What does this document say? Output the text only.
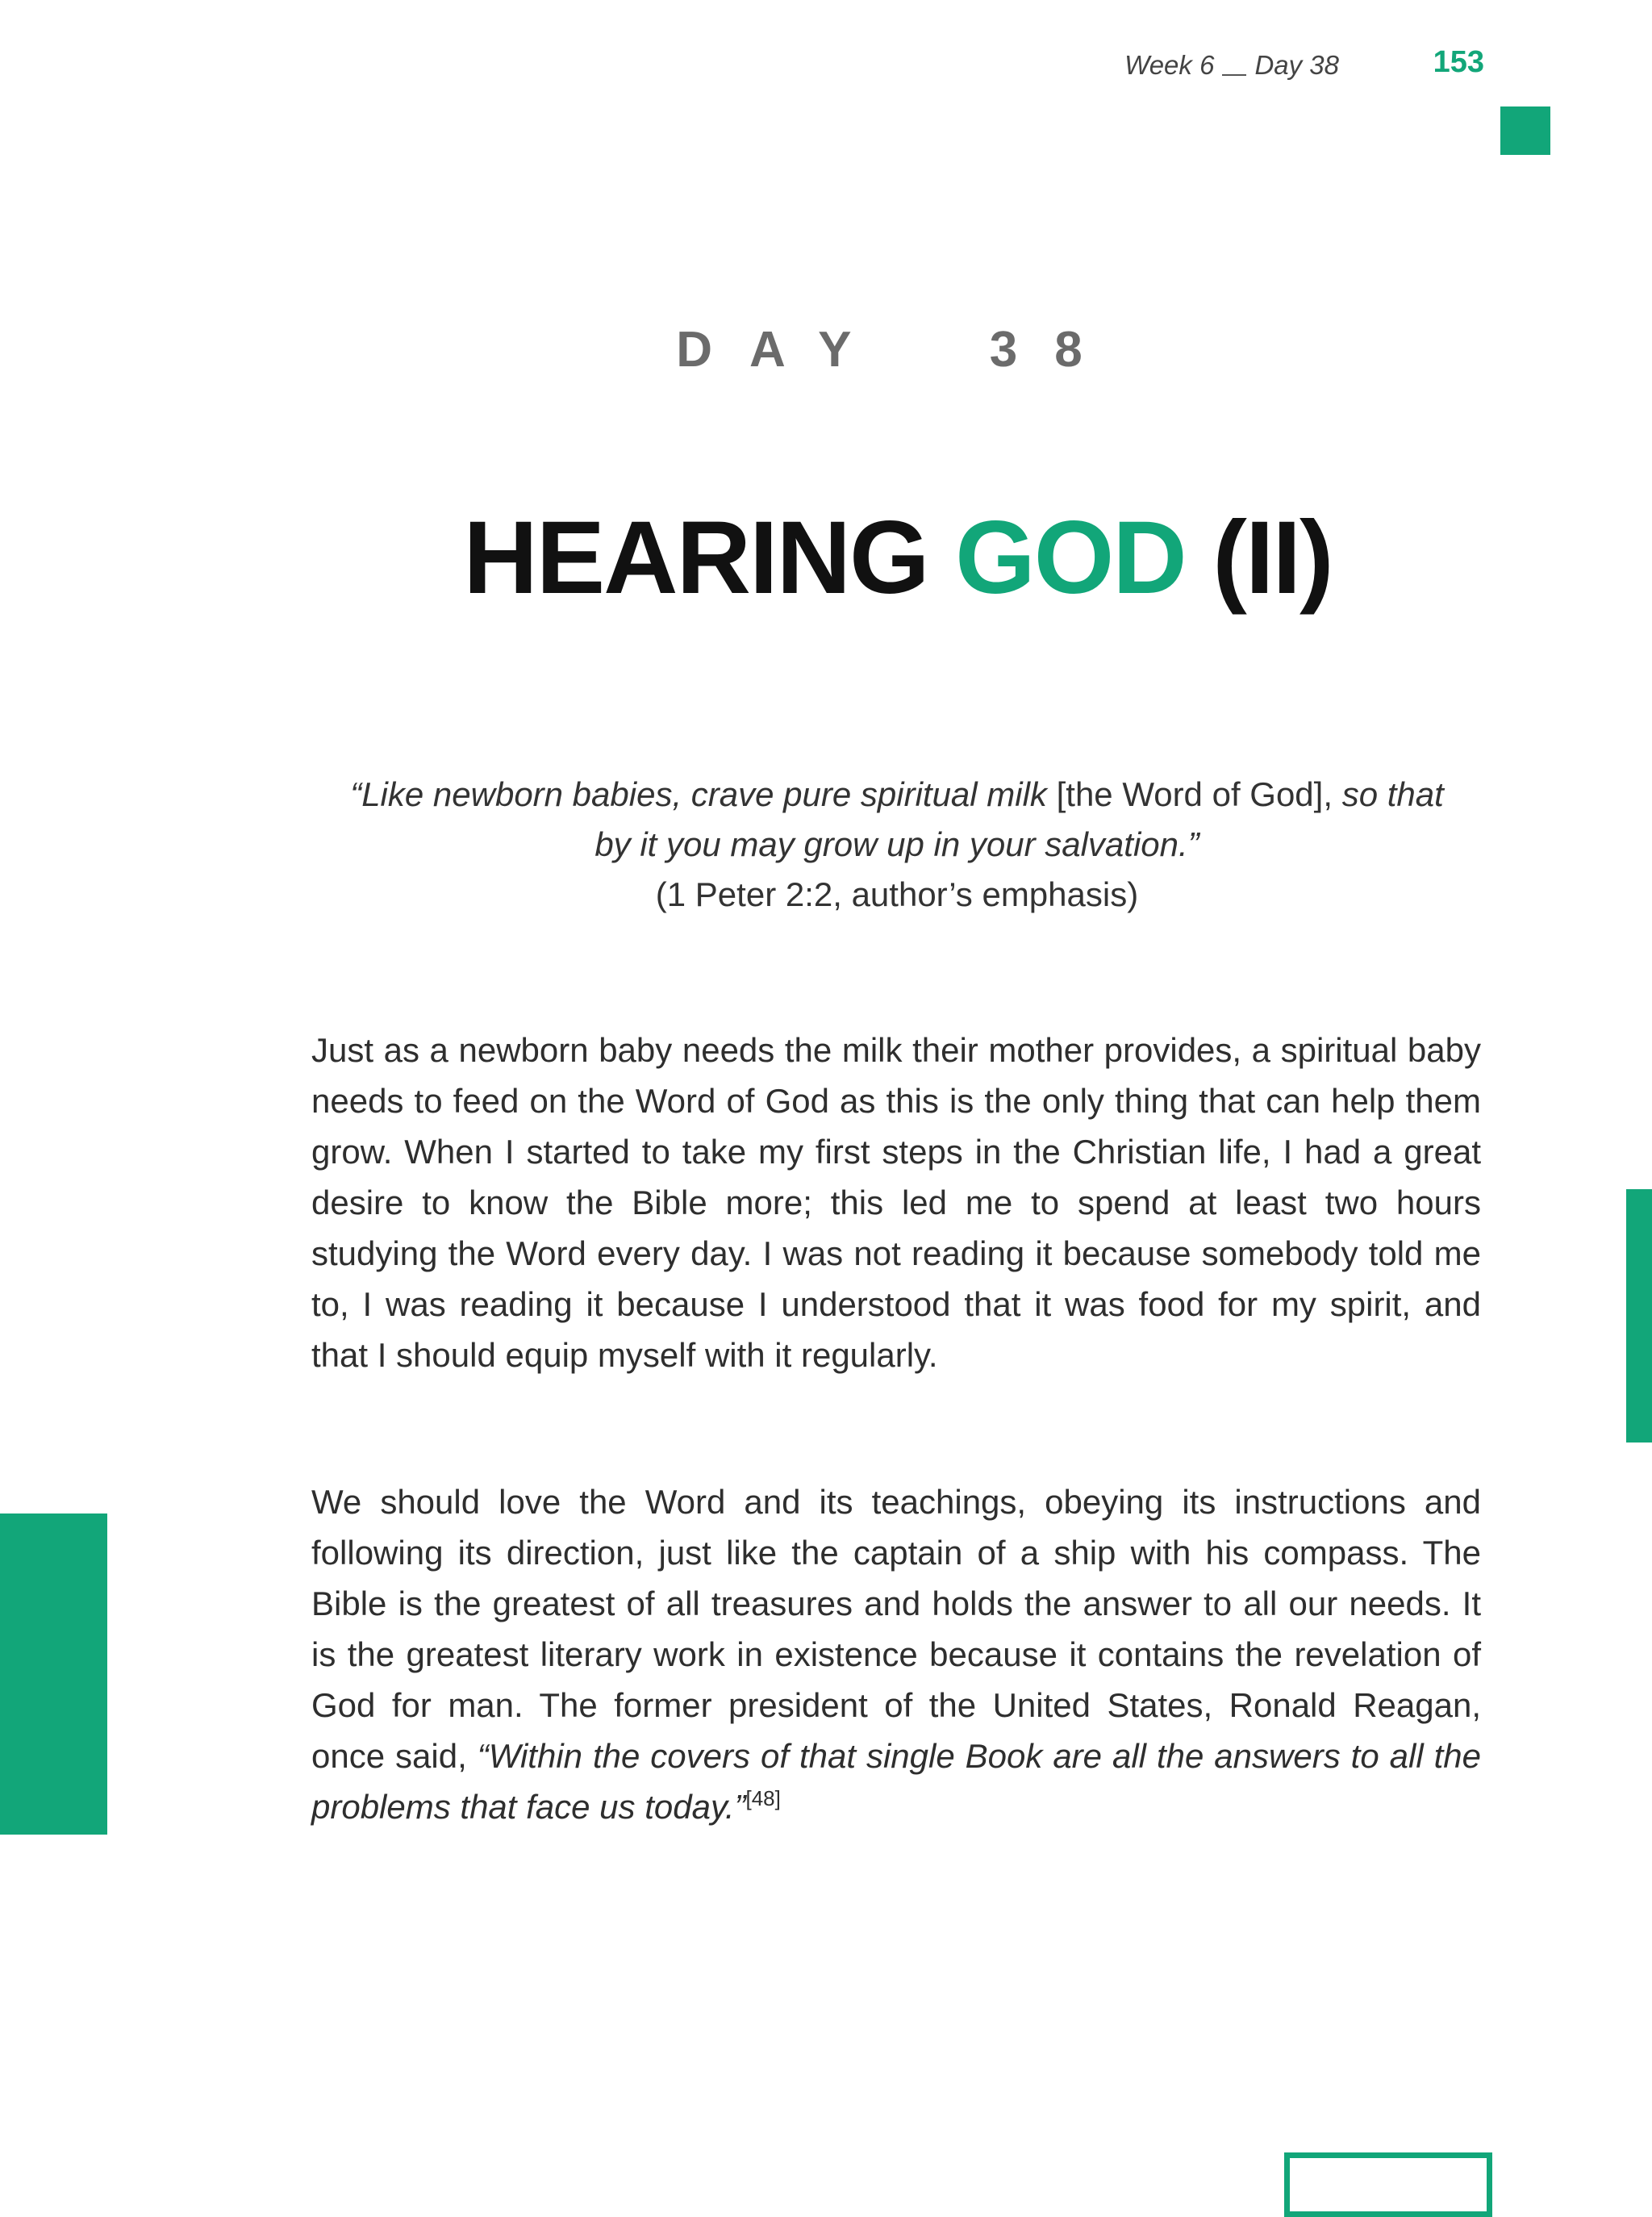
Week 6 Day 38	153
DAY  38
HEARING GOD (II)
“Like newborn babies, crave pure spiritual milk [the Word of God], so that by it you may grow up in your salvation.”
(1 Peter 2:2, author’s emphasis)

Just as a newborn baby needs the milk their mother provides, a spiritual baby needs to feed on the Word of God as this is the only thing that can help them grow. When I started to take my first steps in the Christian life, I had a great desire to know the Bible more; this led me to spend at least two hours studying the Word every day. I was not reading it because somebody told me to, I was reading it because I understood that it was food for my spirit, and that I should equip myself with it regularly.

We should love the Word and its teachings, obeying its instructions and following its direction, just like the captain of a ship with his compass. The Bible is the greatest of all treasures and holds the answer to all our needs. It is the greatest literary work in existence because it contains the revelation of God for man. The former president of the United States, Ronald Reagan, once said, “Within the covers of that single Book are all the answers to all the problems that face us today.”[48]
